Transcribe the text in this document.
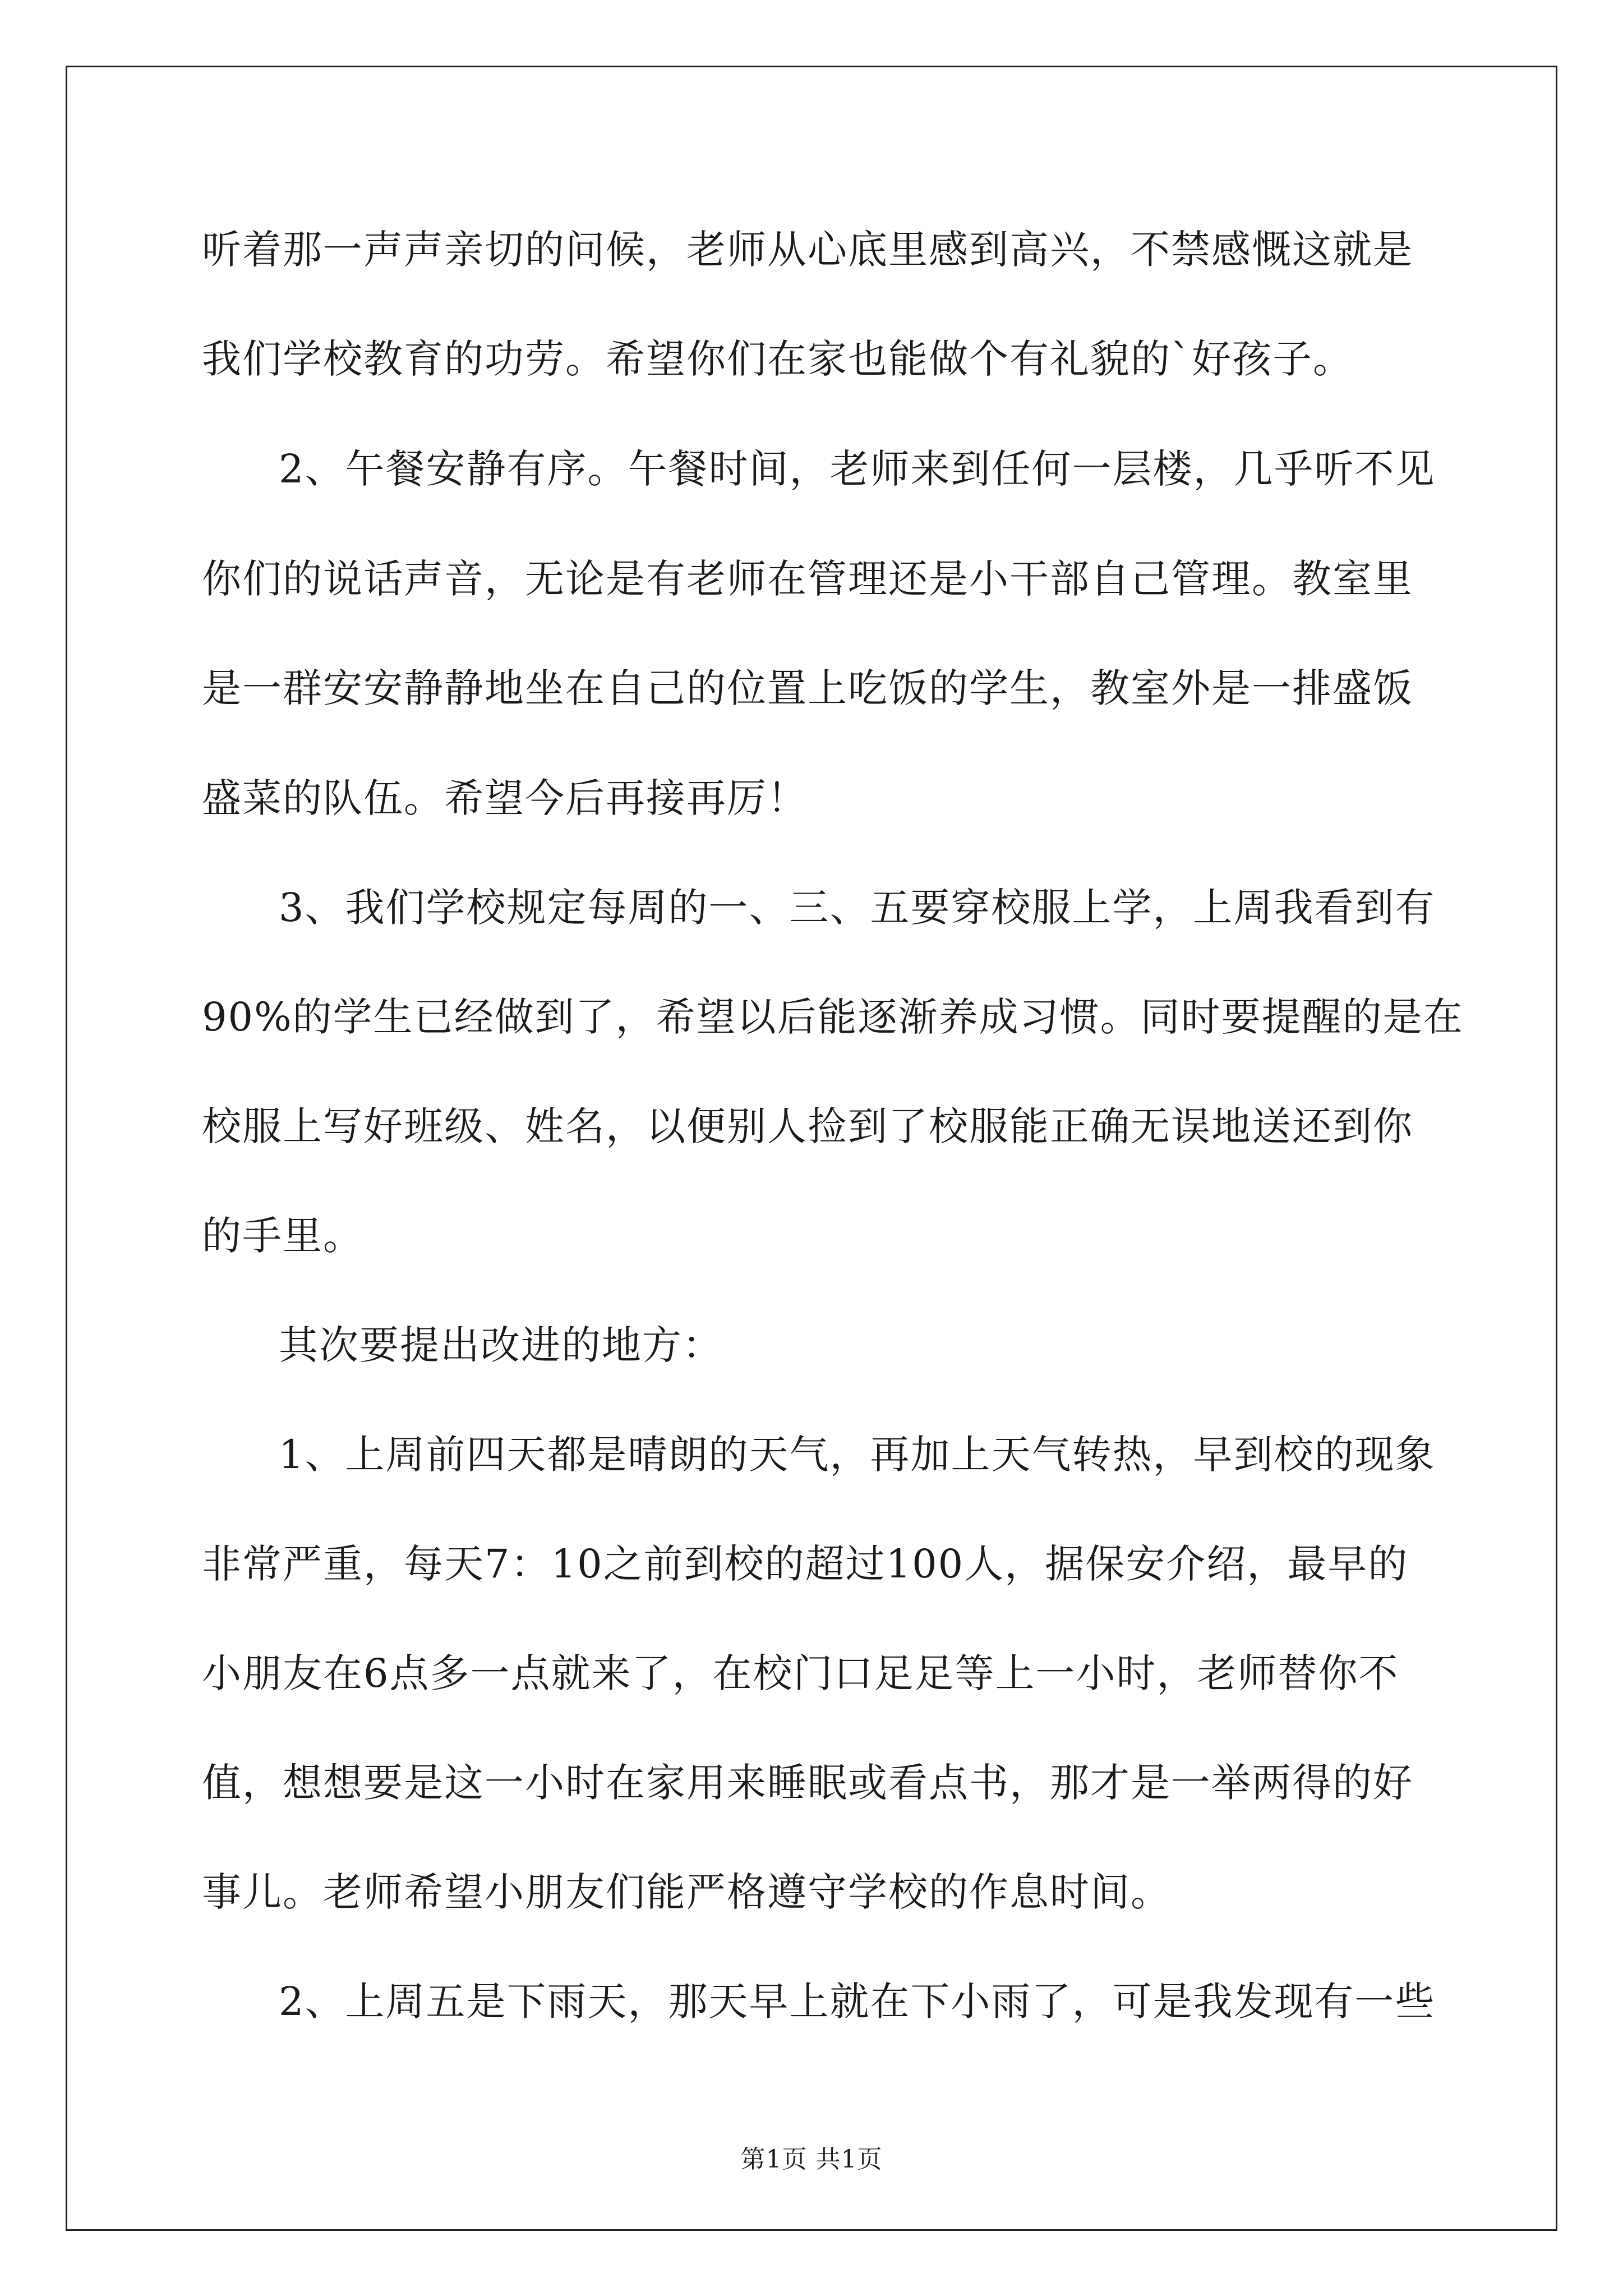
听着那一声声亲切的问候，老师从心底里感到高兴，不禁感慨这就是
我们学校教育的功劳。希望你们在家也能做个有礼貌的`好孩子。
2、午餐安静有序。午餐时间，老师来到任何一层楼，几乎听不见
你们的说话声音，无论是有老师在管理还是小干部自己管理。教室里
是一群安安静静地坐在自己的位置上吃饭的学生，教室外是一排盛饭
盛菜的队伍。希望今后再接再厉！
3、我们学校规定每周的一、三、五要穿校服上学，上周我看到有
90%的学生已经做到了，希望以后能逐渐养成习惯。同时要提醒的是在
校服上写好班级、姓名，以便别人捡到了校服能正确无误地送还到你
的手里。
其次要提出改进的地方：
1、上周前四天都是晴朗的天气，再加上天气转热，早到校的现象
非常严重，每天7：10之前到校的超过100人，据保安介绍，最早的
小朋友在6点多一点就来了，在校门口足足等上一小时，老师替你不
值，想想要是这一小时在家用来睡眠或看点书，那才是一举两得的好
事儿。老师希望小朋友们能严格遵守学校的作息时间。
2、上周五是下雨天，那天早上就在下小雨了，可是我发现有一些
第1页 共1页
